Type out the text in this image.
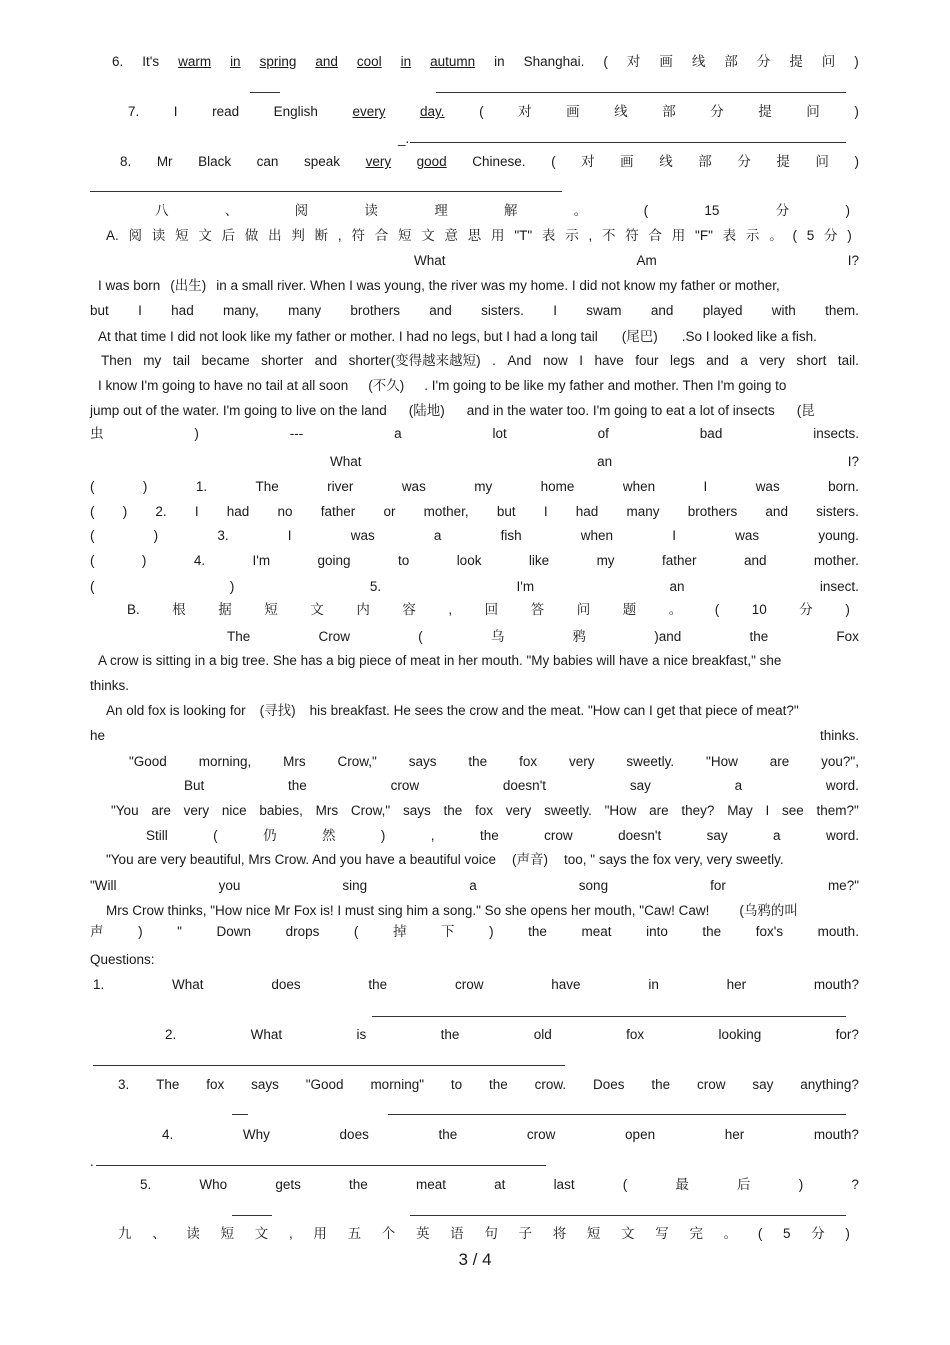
6. It's warm in spring and cool in autumn in Shanghai. ( 对 画 线 部 分 提 问 )
7.	I	read	English	every	day.	(	对	画	线	部	分	提	问	)
_.
8. Mr Black can speak very good Chinese. ( 对 画 线 部 分 提 问 )
八	、	阅	读	理	解	。	(	15	分	)
A. 阅 读 短 文 后 做 出 判 断 , 符 合 短 文 意 思 用 "T" 表 示 , 不 符 合 用 "F" 表 示 。 ( 5 分 )
What	Am	I?
I was born (出生) in a small river. When I was young, the river was my home. I did not know my father or mother,
but I had many, many brothers and sisters. I swam and played with them.
At that time I did not look like my father or mother. I had no legs, but I had a long tail (尾巴) .So I looked like a fish.
Then my tail became shorter and shorter(变得越来越短) . And now I have four legs and a very short tail.
I know I'm going to have no tail at all soon (不久) . I'm going to be like my father and mother. Then I'm going to
jump out of the water. I'm going to live on the land (陆地) and in the water too. I'm going to eat a lot of insects (昆
虫	)	---	a	lot	of	bad	insects.
What	an	I?
(	)	1.	The	river	was	my	home	when	I	was	born.
( ) 2. I had no father or mother, but I had many brothers and sisters.
(	)	3.	I	was	a	fish	when	I	was	young.
(	)	4.	I'm	going	to	look	like	my	father	and	mother.
(	)	5.	I'm	an	insect.
B. 根 据 短 文 内 容 , 回 答 问 题 。 ( 10 分 )
The	Crow	(	乌	鸦	)and	the	Fox
A crow is sitting in a big tree. She has a big piece of meat in her mouth. "My babies will have a nice breakfast," she
thinks.
An old fox is looking for (寻找) his breakfast. He sees the crow and the meat. "How can I get that piece of meat?"
he	thinks.
"Good morning, Mrs Crow," says the fox very sweetly. "How are you?",
But	the	crow	doesn't	say	a	word.
"You are very nice babies, Mrs Crow," says the fox very sweetly. "How are they? May I see them?"
Still	(	仍	然	)	,	the	crow	doesn't	say	a	word.
"You are very beautiful, Mrs Crow. And you have a beautiful voice (声音) too, " says the fox very, very sweetly.
"Will	you	sing	a	song	for	me?"
Mrs Crow thinks, "How nice Mr Fox is! I must sing him a song." So she opens her mouth, "Caw! Caw! (乌鸦的叫
声	)	"	Down	drops	(	掉	下	)	the	meat	into	the	fox's	mouth.
Questions:
1.	What	does	the	crow	have	in	her	mouth?
2.	What	is	the	old	fox	looking	for?
3. The fox says "Good morning" to the crow. Does the crow say anything?
4.	Why	does	the	crow	open	her	mouth?
.
5.	Who	gets	the	meat	at	last	(	最	后	)	?
九 、 读 短 文 , 用 五 个 英 语 句 子 将 短 文 写 完 。 ( 5 分 )
3 / 4
